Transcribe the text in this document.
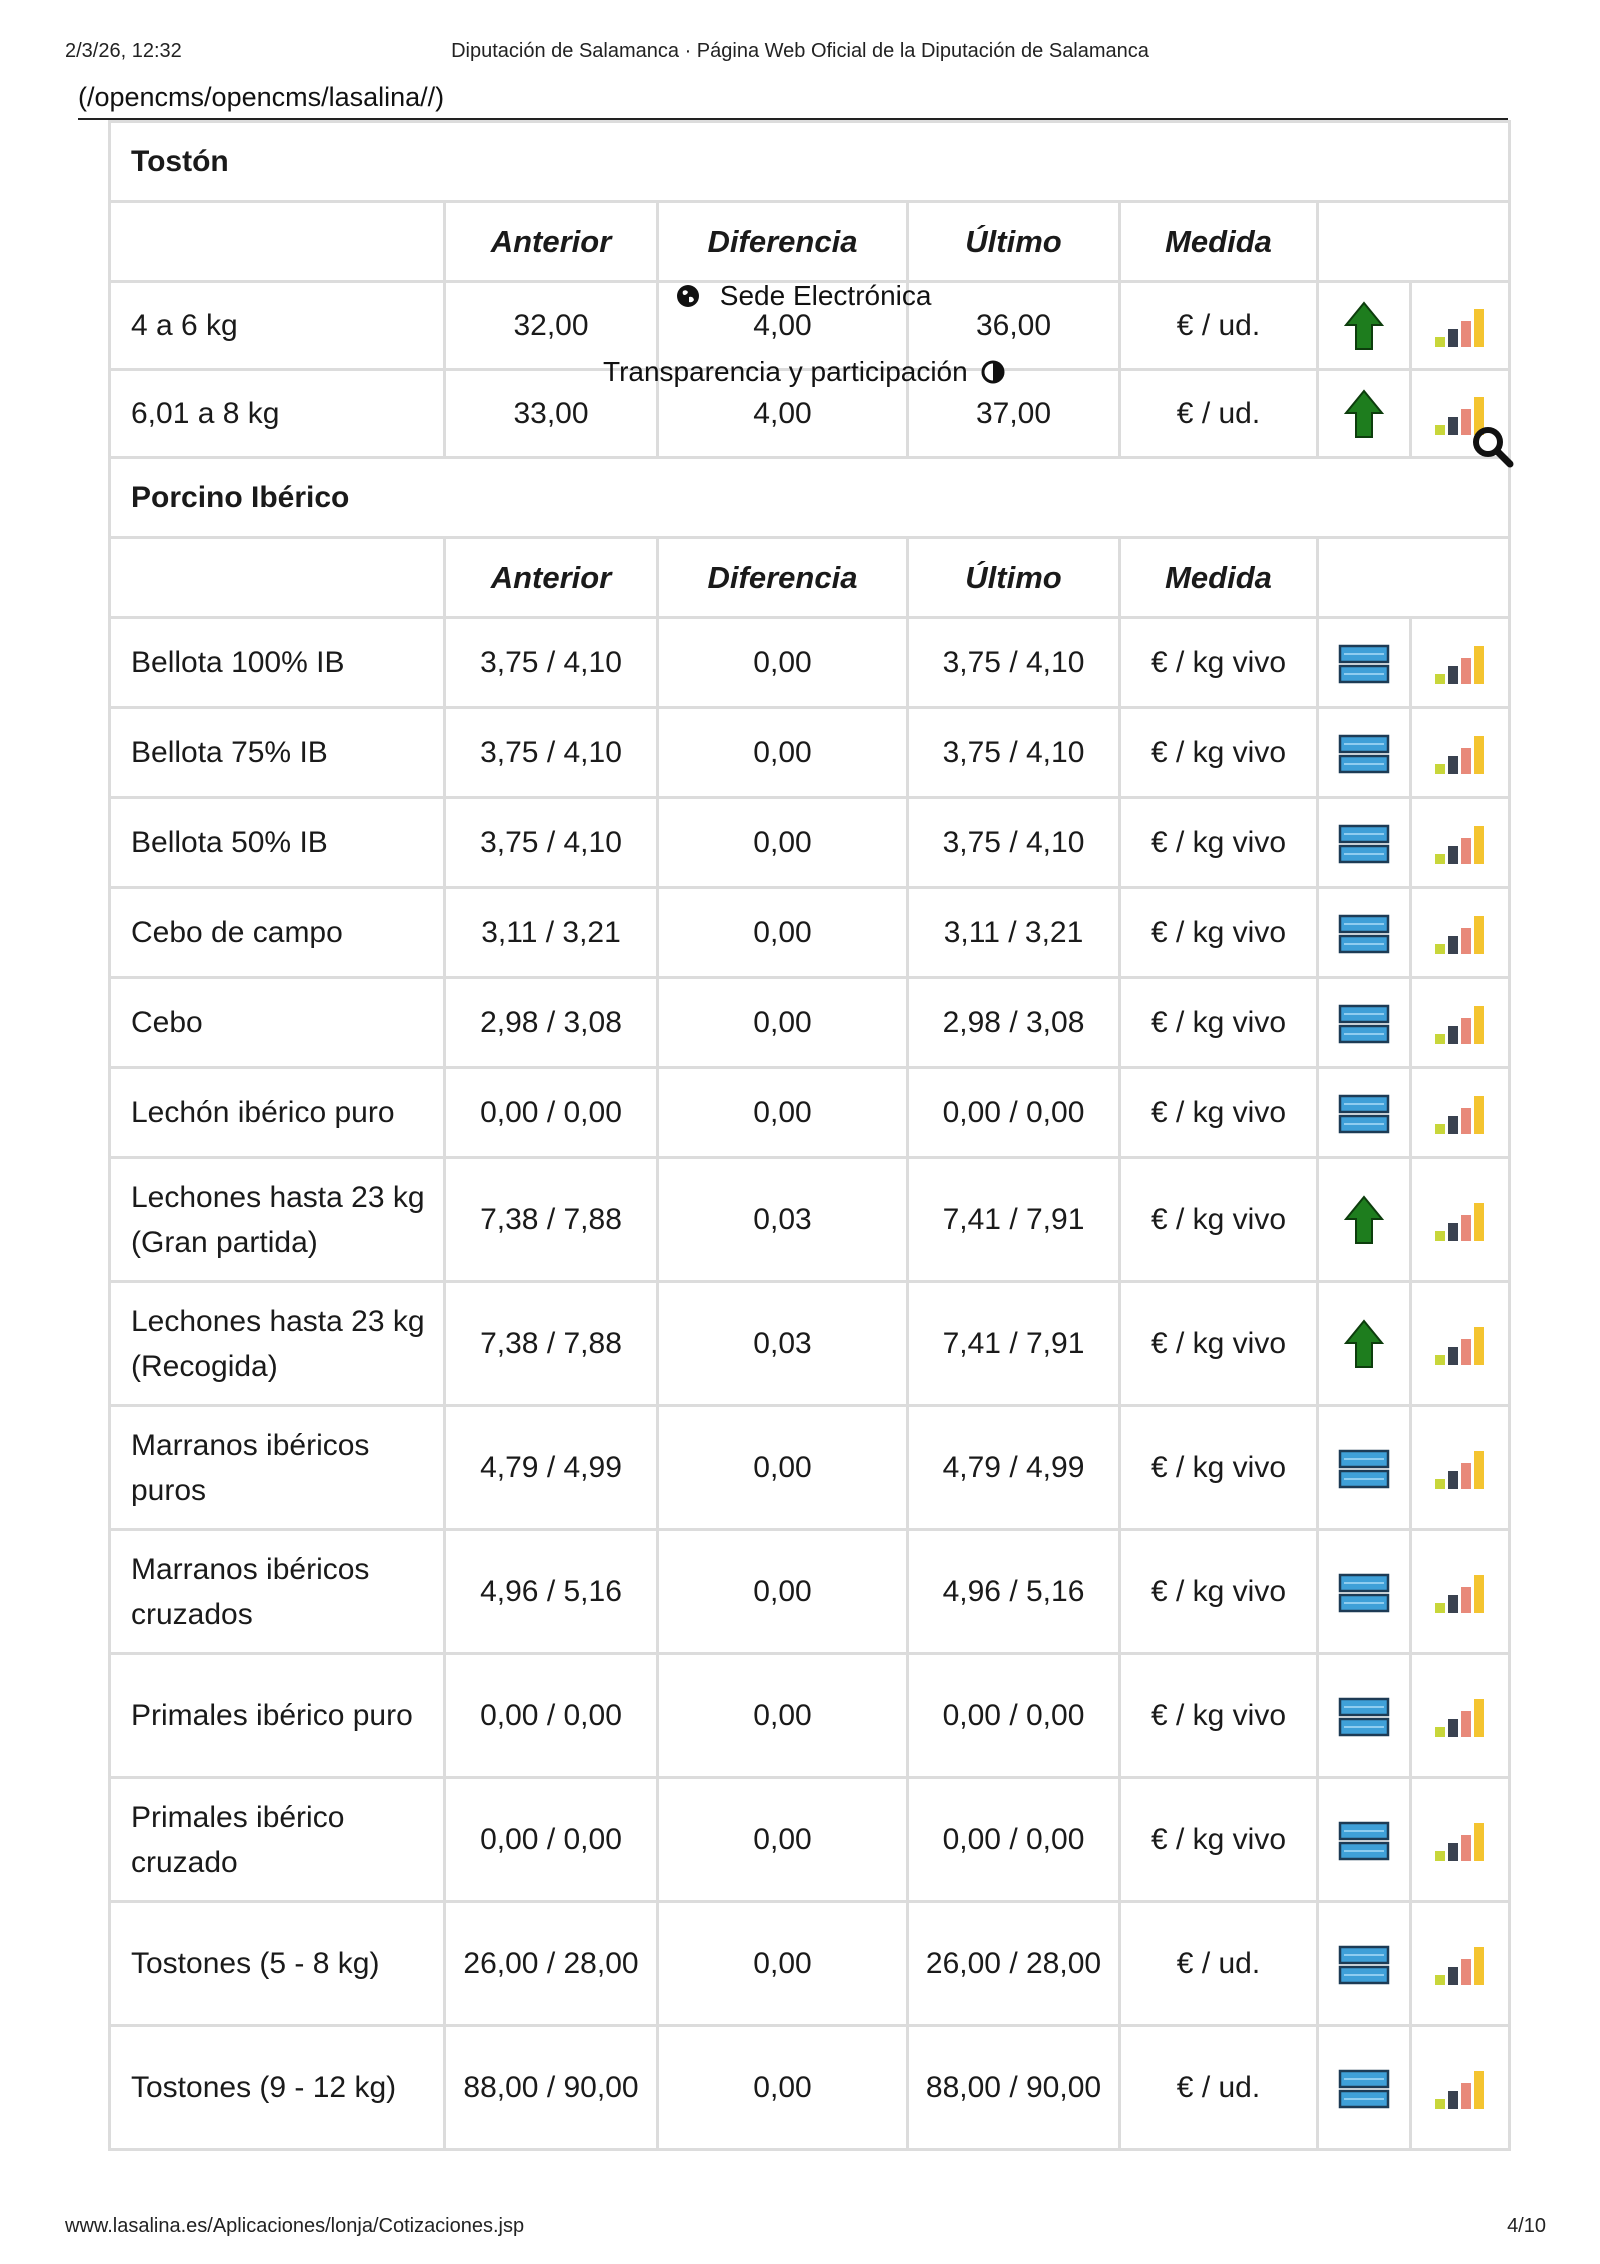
2/3/26, 12:32	Diputación de Salamanca · Página Web Oficial de la Diputación de Salamanca
(/opencms/opencms/lasalina//)
Tostón						
	Anterior	Diferencia	Último	Medida		
4 a 6 kg	32,00	4,00	36,00	€ / ud.		
6,01 a 8 kg	33,00	4,00	37,00	€ / ud.		
Porcino Ibérico						
	Anterior	Diferencia	Último	Medida		
Bellota 100% IB	3,75 / 4,10	0,00	3,75 / 4,10	€ / kg vivo		
Bellota 75% IB	3,75 / 4,10	0,00	3,75 / 4,10	€ / kg vivo		
Bellota 50% IB	3,75 / 4,10	0,00	3,75 / 4,10	€ / kg vivo		
Cebo de campo	3,11 / 3,21	0,00	3,11 / 3,21	€ / kg vivo		
Cebo	2,98 / 3,08	0,00	2,98 / 3,08	€ / kg vivo		
Lechón ibérico puro	0,00 / 0,00	0,00	0,00 / 0,00	€ / kg vivo		
Lechones hasta 23 kg (Gran partida)	7,38 / 7,88	0,03	7,41 / 7,91	€ / kg vivo		
Lechones hasta 23 kg (Recogida)	7,38 / 7,88	0,03	7,41 / 7,91	€ / kg vivo		
Marranos ibéricos puros	4,79 / 4,99	0,00	4,79 / 4,99	€ / kg vivo		
Marranos ibéricos cruzados	4,96 / 5,16	0,00	4,96 / 5,16	€ / kg vivo		
Primales ibérico puro	0,00 / 0,00	0,00	0,00 / 0,00	€ / kg vivo		
Primales ibérico cruzado	0,00 / 0,00	0,00	0,00 / 0,00	€ / kg vivo		
Tostones (5 - 8 kg)	26,00 / 28,00	0,00	26,00 / 28,00	€ / ud.		
Tostones (9 - 12 kg)	88,00 / 90,00	0,00	88,00 / 90,00	€ / ud.		
Sede Electrónica
Transparencia y participación
www.lasalina.es/Aplicaciones/lonja/Cotizaciones.jsp	4/10
